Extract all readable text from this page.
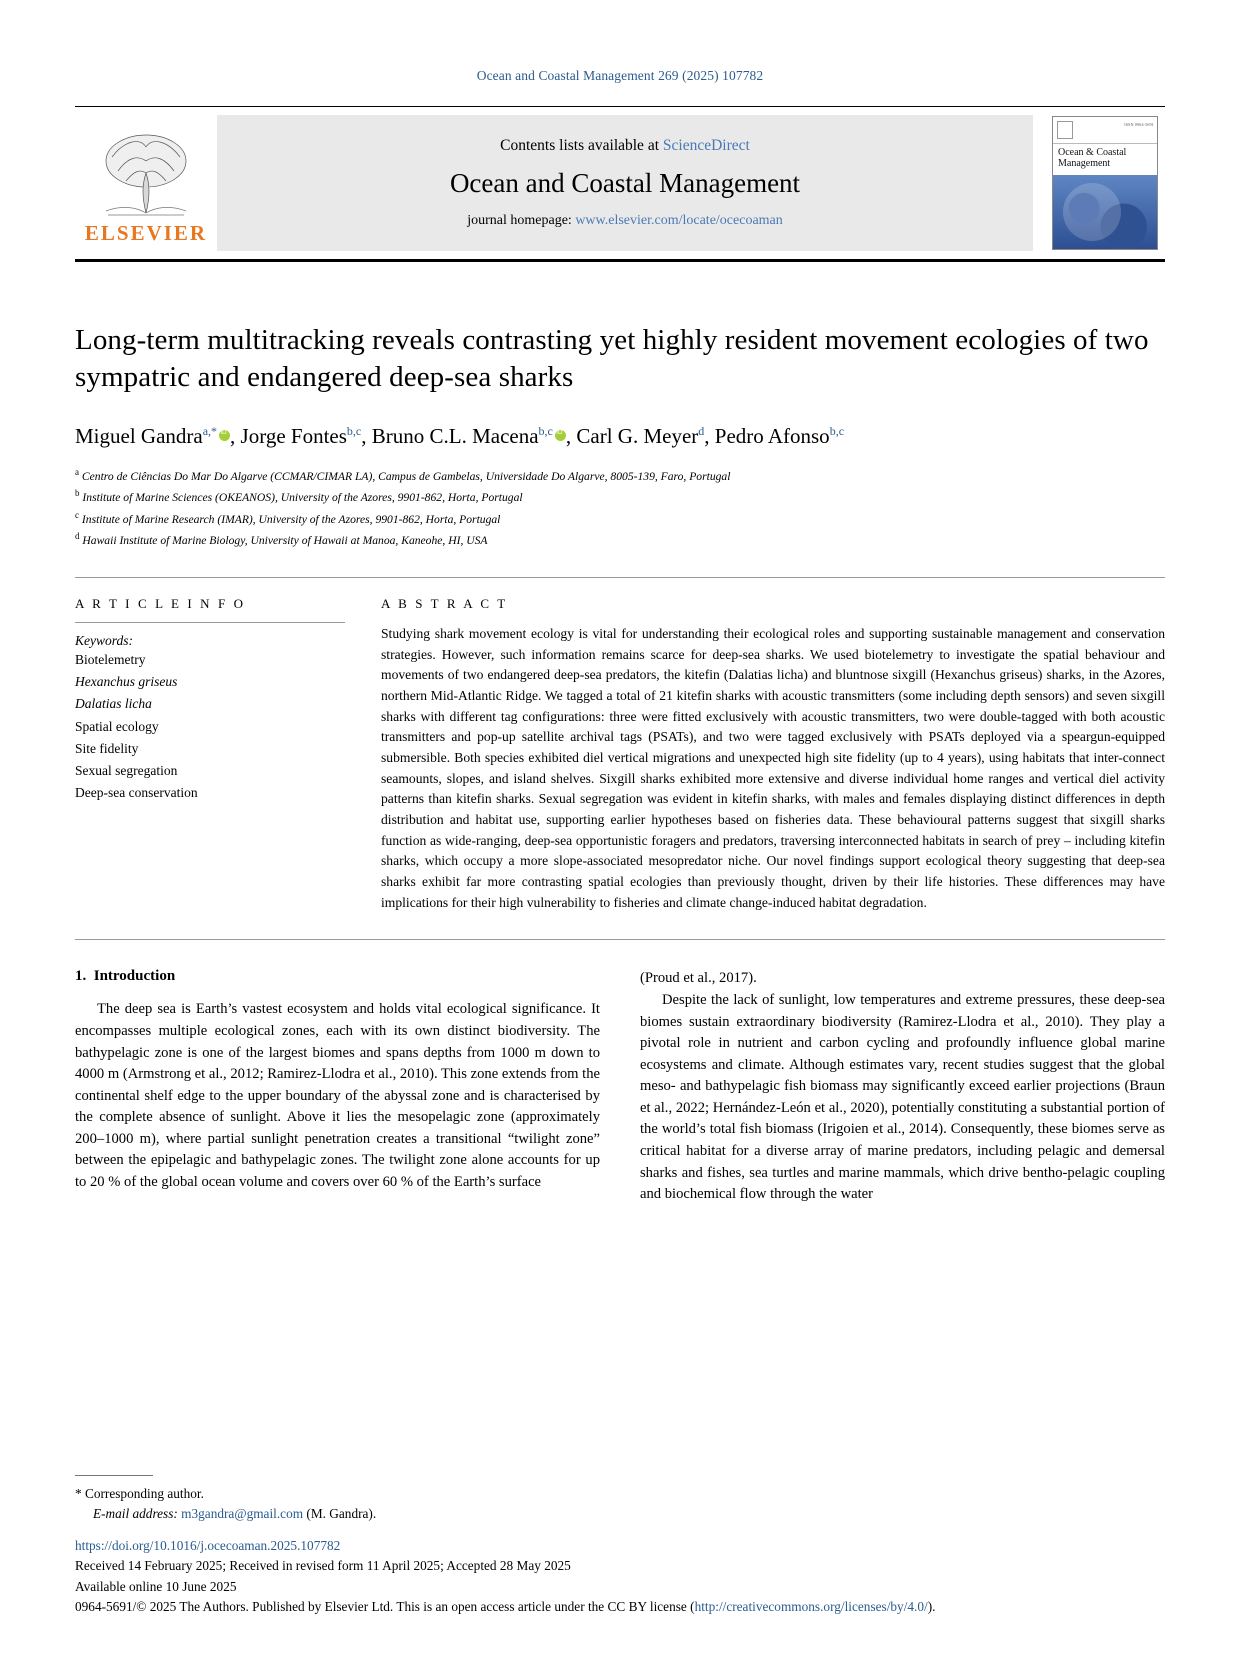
Ocean and Coastal Management 269 (2025) 107782
ELSEVIER
Contents lists available at ScienceDirect
Ocean and Coastal Management
journal homepage: www.elsevier.com/locate/ocecoaman
ISSN 0964-5691
Ocean & Coastal Management
Long-term multitracking reveals contrasting yet highly resident movement ecologies of two sympatric and endangered deep-sea sharks
Miguel Gandra$^{a,*}$ iD , Jorge Fontes$^{b,c}$, Bruno C.L. Macena$^{b,c}$ iD , Carl G. Meyer$^d$, Pedro Afonso$^{b,c}$
$^a$ Centro de Ciências Do Mar Do Algarve (CCMAR/CIMAR LA), Campus de Gambelas, Universidade Do Algarve, 8005-139, Faro, Portugal
$^b$ Institute of Marine Sciences (OKEANOS), University of the Azores, 9901-862, Horta, Portugal
$^c$ Institute of Marine Research (IMAR), University of the Azores, 9901-862, Horta, Portugal
$^d$ Hawaii Institute of Marine Biology, University of Hawaii at Manoa, Kaneohe, HI, USA
A R T I C L E I N F O
Keywords:
Biotelemetry
Hexanchus griseus
Dalatias licha
Spatial ecology
Site fidelity
Sexual segregation
Deep-sea conservation
A B S T R A C T
Studying shark movement ecology is vital for understanding their ecological roles and supporting sustainable management and conservation strategies. However, such information remains scarce for deep-sea sharks. We used biotelemetry to investigate the spatial behaviour and movements of two endangered deep-sea predators, the kitefin (Dalatias licha) and bluntnose sixgill (Hexanchus griseus) sharks, in the Azores, northern Mid-Atlantic Ridge. We tagged a total of 21 kitefin sharks with acoustic transmitters (some including depth sensors) and seven sixgill sharks with different tag configurations: three were fitted exclusively with acoustic transmitters, two were double-tagged with both acoustic transmitters and pop-up satellite archival tags (PSATs), and two were tagged exclusively with PSATs deployed via a speargun-equipped submersible. Both species exhibited diel vertical migrations and unexpected high site fidelity (up to 4 years), using habitats that inter-connect seamounts, slopes, and island shelves. Sixgill sharks exhibited more extensive and diverse individual home ranges and vertical diel activity patterns than kitefin sharks. Sexual segregation was evident in kitefin sharks, with males and females displaying distinct differences in depth distribution and habitat use, supporting earlier hypotheses based on fisheries data. These behavioural patterns suggest that sixgill sharks function as wide-ranging, deep-sea opportunistic foragers and predators, traversing interconnected habitats in search of prey – including kitefin sharks, which occupy a more slope-associated mesopredator niche. Our novel findings support ecological theory suggesting that deep-sea sharks exhibit far more contrasting spatial ecologies than previously thought, driven by their life histories. These differences may have implications for their high vulnerability to fisheries and climate change-induced habitat degradation.
1. Introduction

The deep sea is Earth’s vastest ecosystem and holds vital ecological significance. It encompasses multiple ecological zones, each with its own distinct biodiversity. The bathypelagic zone is one of the largest biomes and spans depths from 1000 m down to 4000 m (Armstrong et al., 2012; Ramirez-Llodra et al., 2010). This zone extends from the continental shelf edge to the upper boundary of the abyssal zone and is characterised by the complete absence of sunlight. Above it lies the mesopelagic zone (approximately 200–1000 m), where partial sunlight penetration creates a transitional “twilight zone” between the epipelagic and bathypelagic zones. The twilight zone alone accounts for up to 20 % of the global ocean volume and covers over 60 % of the Earth’s surface

(Proud et al., 2017).

Despite the lack of sunlight, low temperatures and extreme pressures, these deep-sea biomes sustain extraordinary biodiversity (Ramirez-Llodra et al., 2010). They play a pivotal role in nutrient and carbon cycling and profoundly influence global marine ecosystems and climate. Although estimates vary, recent studies suggest that the global meso- and bathypelagic fish biomass may significantly exceed earlier projections (Braun et al., 2022; Hernández-León et al., 2020), potentially constituting a substantial portion of the world’s total fish biomass (Irigoien et al., 2014). Consequently, these biomes serve as critical habitat for a diverse array of marine predators, including pelagic and demersal sharks and fishes, sea turtles and marine mammals, which drive bentho-pelagic coupling and biochemical flow through the water

* Corresponding author.
E-mail address: m3gandra@gmail.com (M. Gandra).
https://doi.org/10.1016/j.ocecoaman.2025.107782
Received 14 February 2025; Received in revised form 11 April 2025; Accepted 28 May 2025
Available online 10 June 2025
0964-5691/© 2025 The Authors. Published by Elsevier Ltd. This is an open access article under the CC BY license (http://creativecommons.org/licenses/by/4.0/).
